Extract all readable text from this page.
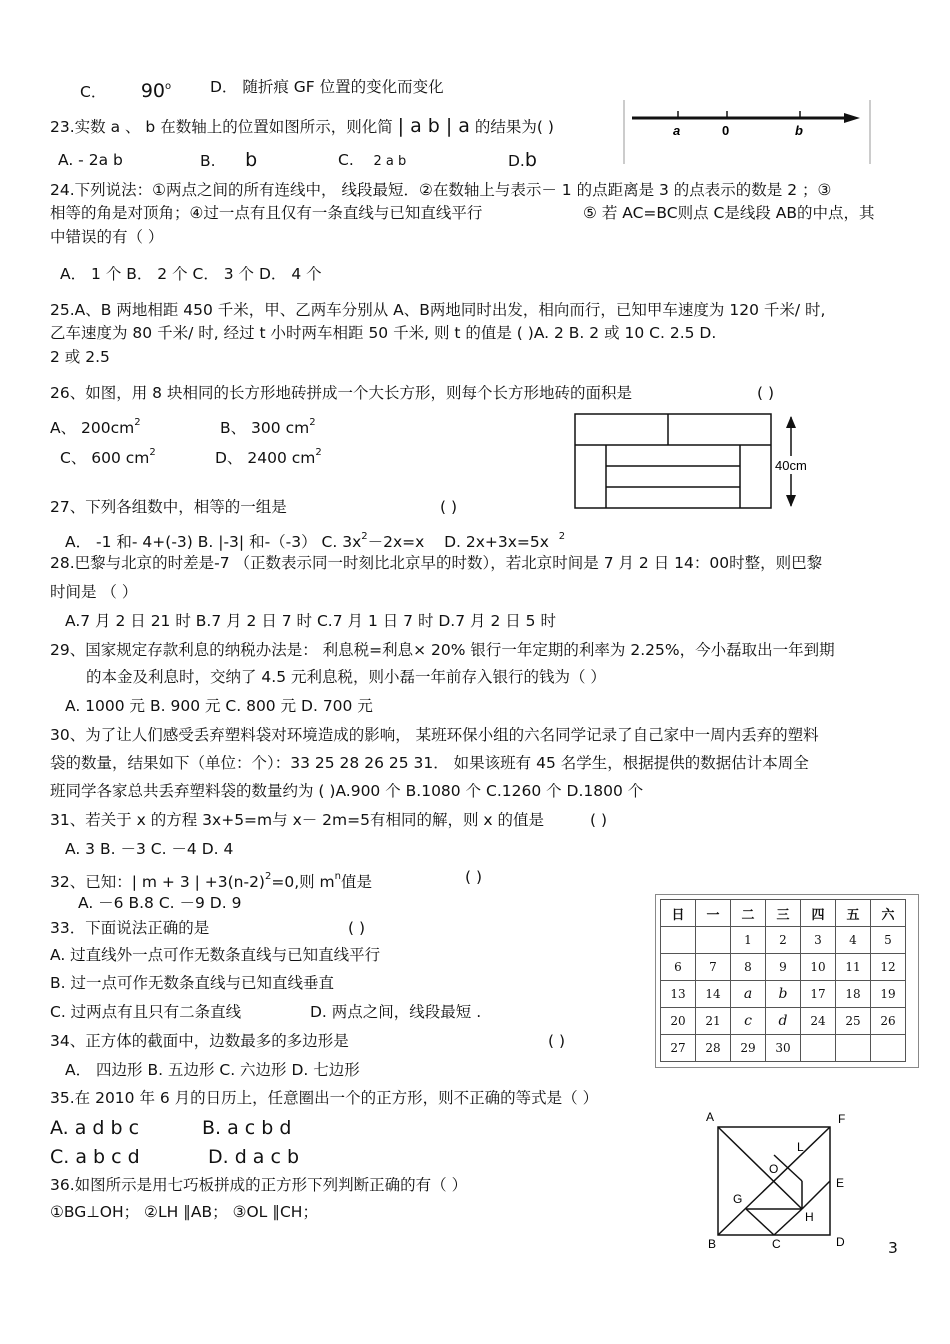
C． 90$^o$	D． 随折痕 GF 位置的变化而变化
23.实数 a 、 b 在数轴上的位置如图所示，则化简 | a b | a 的结果为( )
A. - 2a b	B. b	C. 2 a b	D.b
a	0	b
24.下列说法：①两点之间的所有连线中， 线段最短．②在数轴上与表示－ 1 的点距离是 3 的点表示的数是 2 ；③
相等的角是对顶角；④过一点有且仅有一条直线与已知直线平行	⑤ 若 AC=BC则点 C是线段 AB的中点，其
中错误的有（ ）
A． 1 个 B． 2 个 C． 3 个 D． 4 个
25.A、B 两地相距 450 千米，甲、乙两车分别从 A、B两地同时出发，相向而行，已知甲车速度为 120 千米/ 时,
乙车速度为 80 千米/ 时, 经过 t 小时两车相距 50 千米, 则 t 的值是 ( )A. 2 B. 2 或 10 C. 2.5 D.
2 或 2.5
26、如图，用 8 块相同的长方形地砖拼成一个大长方形，则每个长方形地砖的面积是	( )
A、 $200cm^2$	B、 300 $cm^2$
C、 600 $cm^2$	D、 2400 $cm^2$
40cm
27、下列各组数中，相等的一组是	( )
A． -1 和- 4+(-3) B. |-3| 和-（-3） C. $3x^2-2x=x$ D. 2x+3x=5x $^2$
28.巴黎与北京的时差是-7 （正数表示同一时刻比北京早的时数），若北京时间是 7 月 2 日 14：00时整，则巴黎
时间是 （ ）
A.7 月 2 日 21 时 B.7 月 2 日 7 时 C.7 月 1 日 7 时 D.7 月 2 日 5 时
29、国家规定存款利息的纳税办法是： 利息税=利息× 20% 银行一年定期的利率为 2.25%，今小磊取出一年到期
的本金及利息时，交纳了 4.5 元利息税，则小磊一年前存入银行的钱为（ ）
A. 1000 元 B. 900 元 C. 800 元 D. 700 元
30、为了让人们感受丢弃塑料袋对环境造成的影响， 某班环保小组的六名同学记录了自己家中一周内丢弃的塑料
袋的数量，结果如下（单位：个）：33 25 28 26 25 31． 如果该班有 45 名学生，根据提供的数据估计本周全
班同学各家总共丢弃塑料袋的数量约为 ( )A.900 个 B.1080 个 C.1260 个 D.1800 个
31、若关于 x 的方程 3x+5=m与 x－ 2m=5有相同的解，则 x 的值是	( )
A. 3 B. －3 C. －4 D. 4
32、已知：| m + 3 | $+3(n-2)^2=0$,则 $m^n$值是	( )
A. －6 B.8 C. －9 D. 9
33．下面说法正确的是	( )
A. 过直线外一点可作无数条直线与已知直线平行
B. 过一点可作无数条直线与已知直线垂直
C. 过两点有且只有二条直线	D. 两点之间，线段最短 .
日	一	二	三	四	五	六
		1	2	3	4	5
6	7	8	9	10	11	12
13	14	a	b	17	18	19
20	21	c	d	24	25	26
27	28	29	30			
34、正方体的截面中，边数最多的多边形是	( )
A． 四边形 B. 五边形 C. 六边形 D. 七边形
35.在 2010 年 6 月的日历上，任意圈出一个的正方形，则不正确的等式是（ ）
A. a d b c	B. a c b d
C. a b c d	D. d a c b
36.如图所示是用七巧板拼成的正方形下列判断正确的有（ ）
①BG⊥OH； ②LH ∥AB； ③OL ∥CH；
A	F
L
O
E
G
H
B	C	D	3
